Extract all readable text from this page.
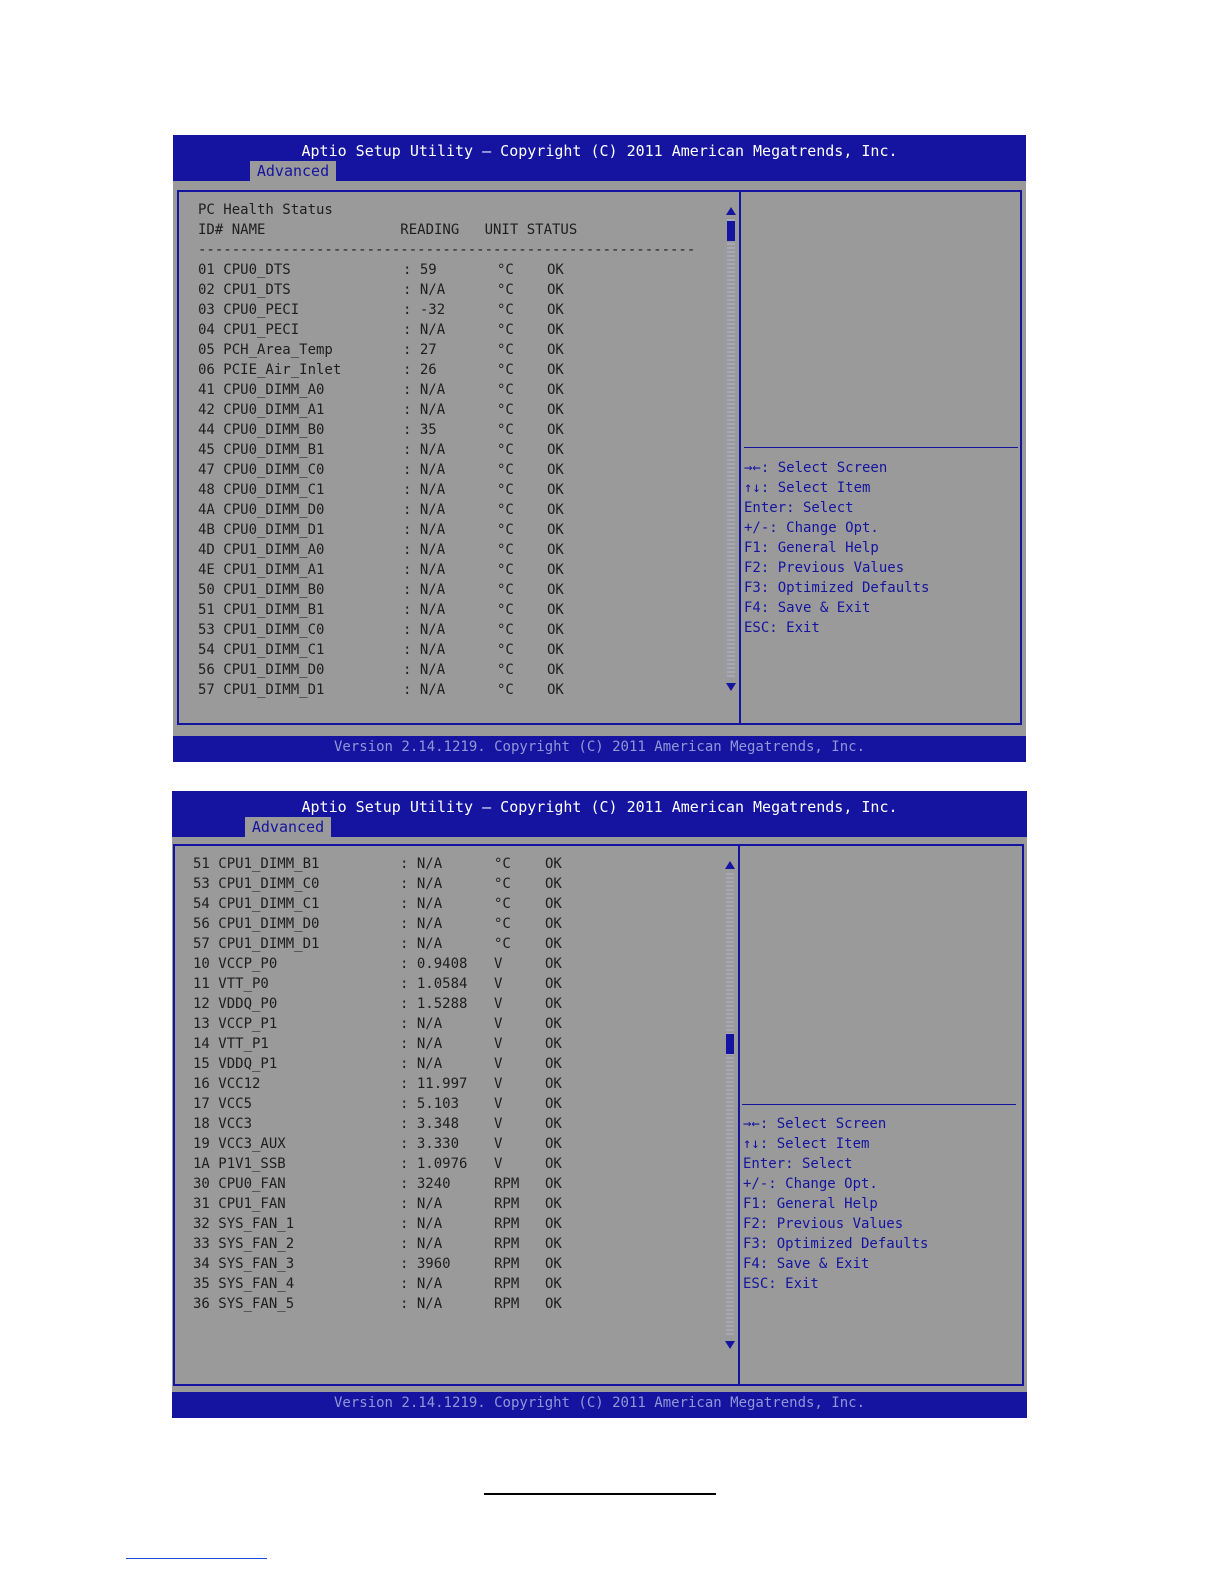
Aptio Setup Utility – Copyright (C) 2011 American Megatrends, Inc.
Advanced
PC Health Status
ID# NAME                READING   UNIT STATUS
-----------------------------------------------------------
01 CPU0_DTS	: 59	°C OK
02 CPU1_DTS	: N/A	°C OK
03 CPU0_PECI	: -32	°C OK
04 CPU1_PECI	: N/A	°C OK
05 PCH_Area_Temp	: 27	°C OK
06 PCIE_Air_Inlet	: 26	°C OK
41 CPU0_DIMM_A0	: N/A	°C OK
42 CPU0_DIMM_A1	: N/A	°C OK
44 CPU0_DIMM_B0	: 35	°C OK
45 CPU0_DIMM_B1	: N/A	°C OK
47 CPU0_DIMM_C0	: N/A	°C OK
48 CPU0_DIMM_C1	: N/A	°C OK
4A CPU0_DIMM_D0	: N/A	°C OK
4B CPU0_DIMM_D1	: N/A	°C OK
4D CPU1_DIMM_A0	: N/A	°C OK
4E CPU1_DIMM_A1	: N/A	°C OK
50 CPU1_DIMM_B0	: N/A	°C OK
51 CPU1_DIMM_B1	: N/A	°C OK
53 CPU1_DIMM_C0	: N/A	°C OK
54 CPU1_DIMM_C1	: N/A	°C OK
56 CPU1_DIMM_D0	: N/A	°C OK
57 CPU1_DIMM_D1	: N/A	°C OK
→←: Select Screen
↑↓: Select Item
Enter: Select
+/-: Change Opt.
F1: General Help
F2: Previous Values
F3: Optimized Defaults
F4: Save & Exit
ESC: Exit
Version 2.14.1219. Copyright (C) 2011 American Megatrends, Inc.
Aptio Setup Utility – Copyright (C) 2011 American Megatrends, Inc.
Advanced
51 CPU1_DIMM_B1	: N/A	°C OK
53 CPU1_DIMM_C0	: N/A	°C OK
54 CPU1_DIMM_C1	: N/A	°C OK
56 CPU1_DIMM_D0	: N/A	°C OK
57 CPU1_DIMM_D1	: N/A	°C OK
10 VCCP_P0	: 0.9408 V	OK
11 VTT_P0	: 1.0584 V	OK
12 VDDQ_P0	: 1.5288 V	OK
13 VCCP_P1	: N/A	V	OK
14 VTT_P1	: N/A	V	OK
15 VDDQ_P1	: N/A	V	OK
16 VCC12	: 11.997 V	OK
17 VCC5	: 5.103 V	OK
18 VCC3	: 3.348 V	OK
19 VCC3_AUX	: 3.330 V	OK
1A P1V1_SSB	: 1.0976 V	OK
30 CPU0_FAN	: 3240	RPM OK
31 CPU1_FAN	: N/A	RPM OK
32 SYS_FAN_1	: N/A	RPM OK
33 SYS_FAN_2	: N/A	RPM OK
34 SYS_FAN_3	: 3960	RPM OK
35 SYS_FAN_4	: N/A	RPM OK
36 SYS_FAN_5	: N/A	RPM OK
→←: Select Screen
↑↓: Select Item
Enter: Select
+/-: Change Opt.
F1: General Help
F2: Previous Values
F3: Optimized Defaults
F4: Save & Exit
ESC: Exit
Version 2.14.1219. Copyright (C) 2011 American Megatrends, Inc.
